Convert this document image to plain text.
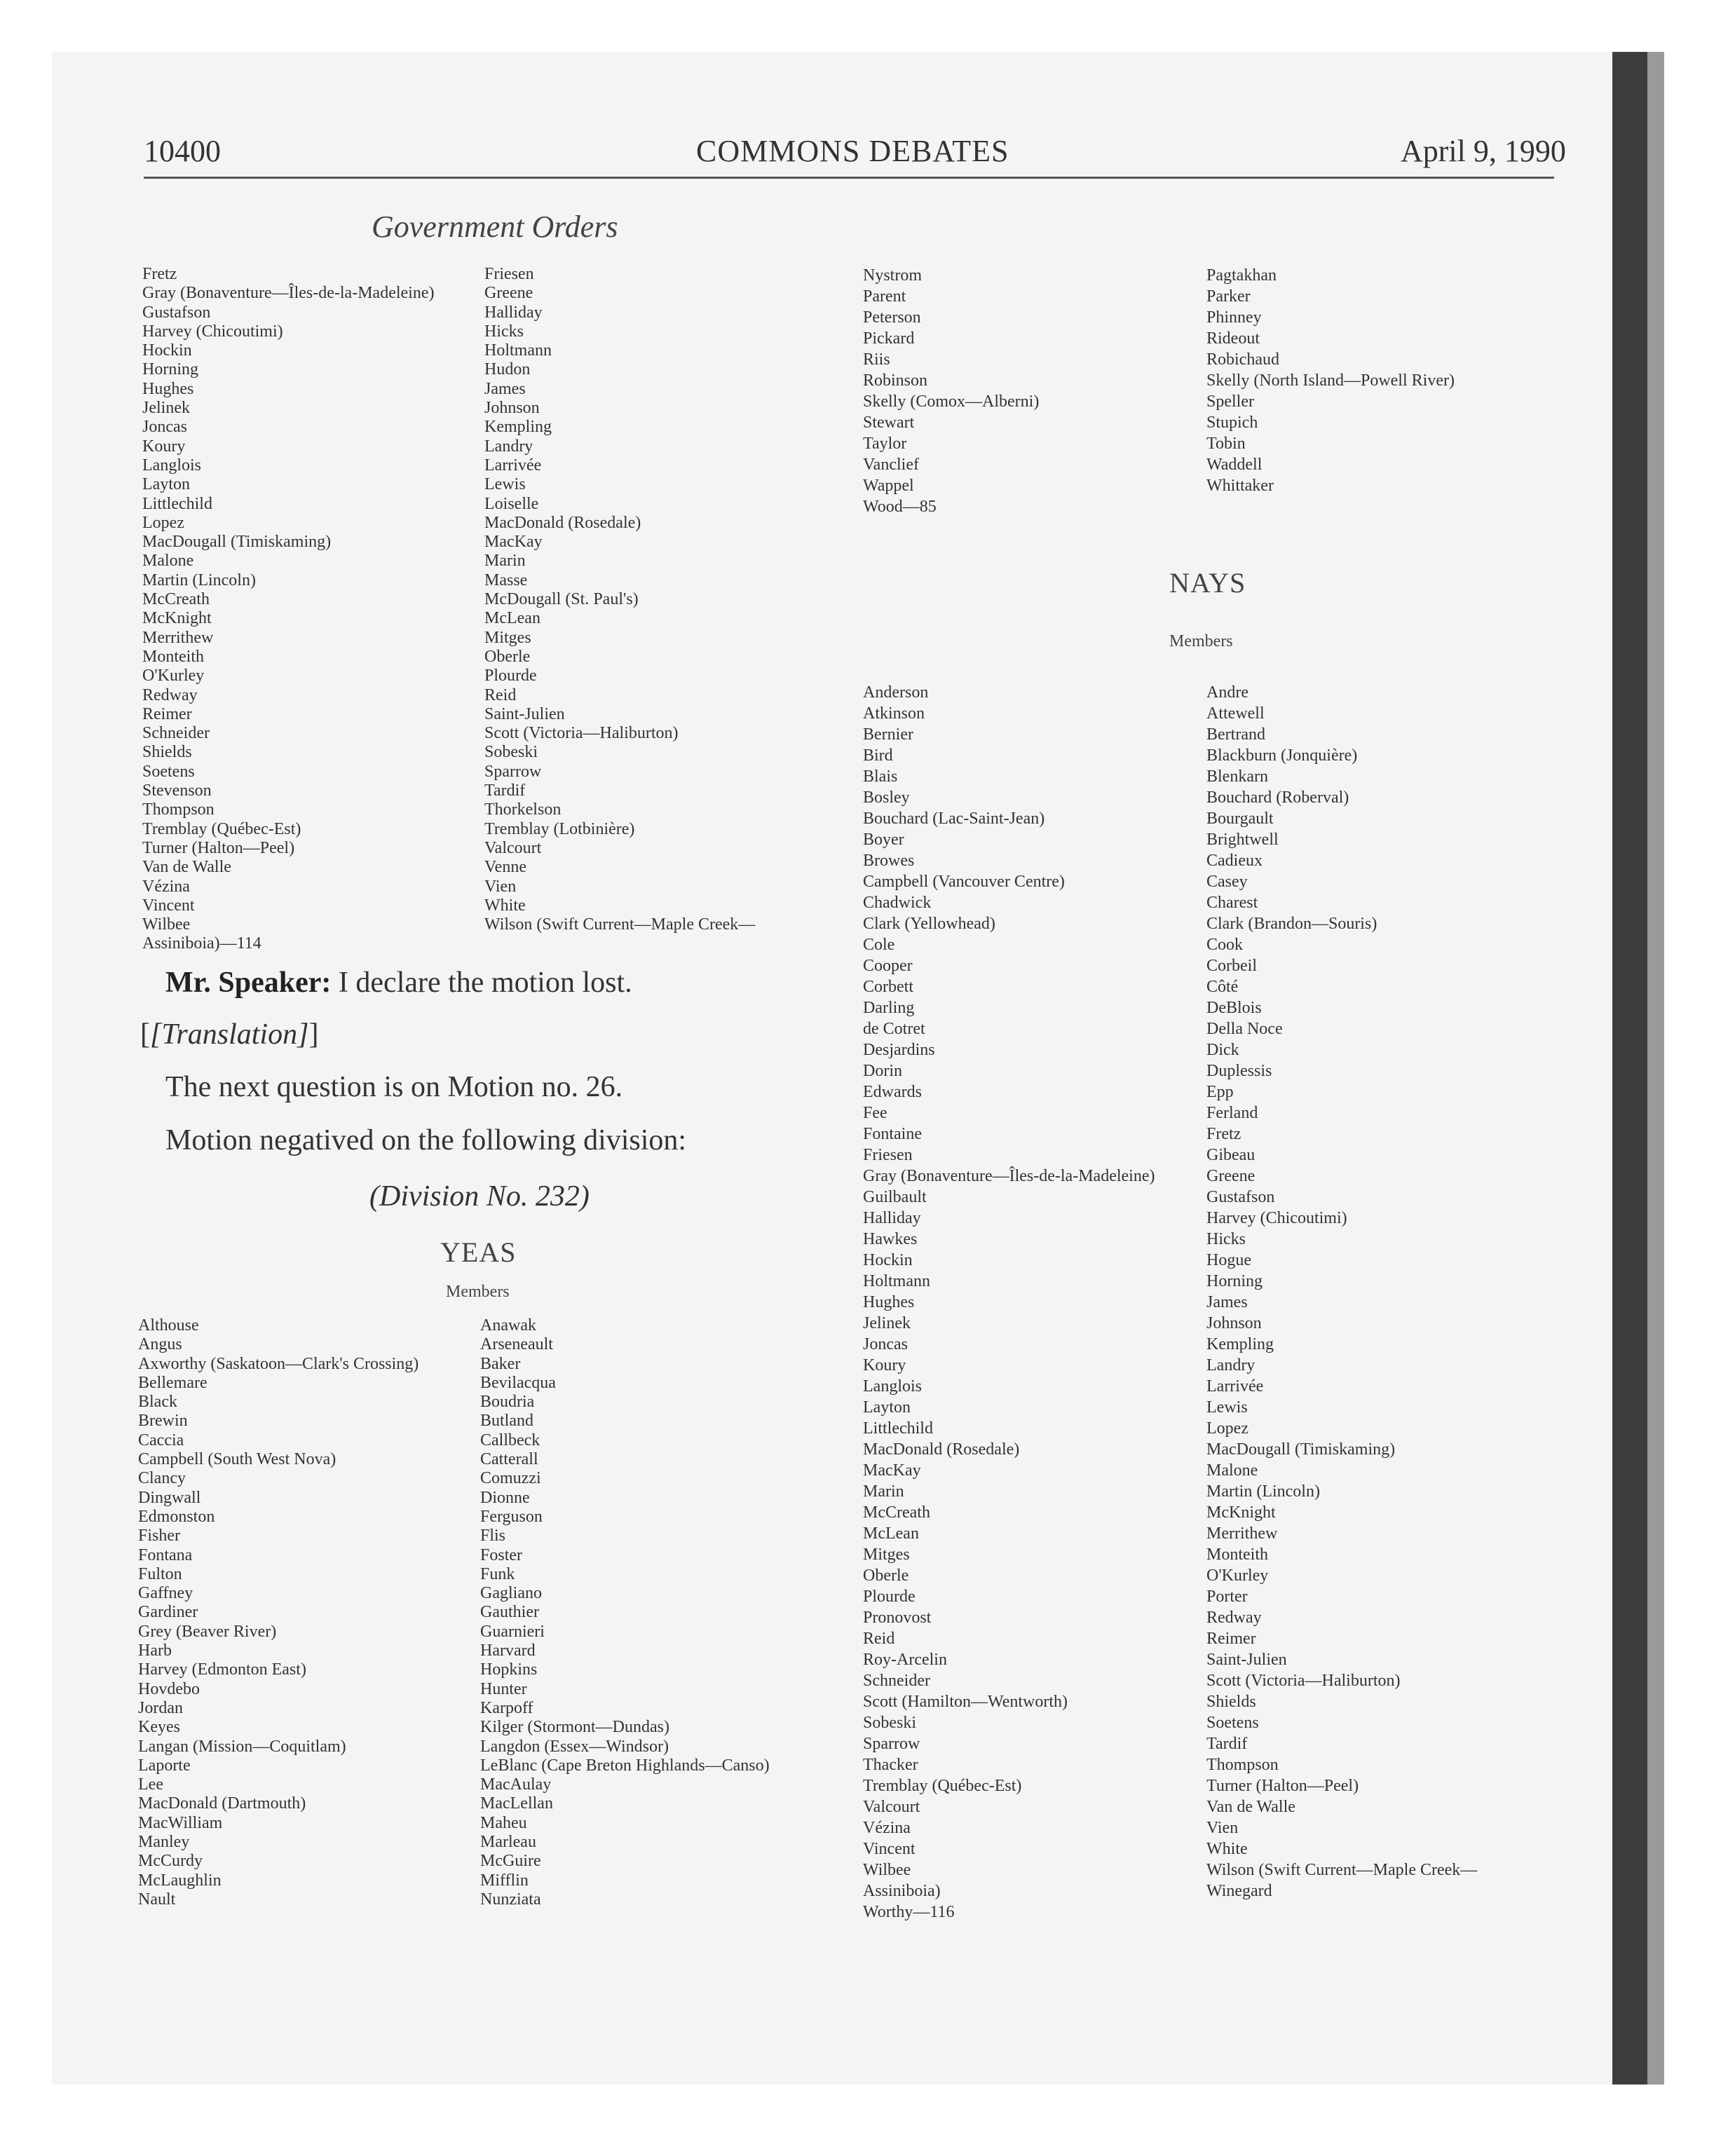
10400	COMMONS DEBATES	April 9, 1990
Government Orders
Fretz
Gray (Bonaventure—Îles-de-la-Madeleine)
Gustafson
Harvey (Chicoutimi)
Hockin
Horning
Hughes
Jelinek
Joncas
Koury
Langlois
Layton
Littlechild
Lopez
MacDougall (Timiskaming)
Malone
Martin (Lincoln)
McCreath
McKnight
Merrithew
Monteith
O'Kurley
Redway
Reimer
Schneider
Shields
Soetens
Stevenson
Thompson
Tremblay (Québec-Est)
Turner (Halton—Peel)
Van de Walle
Vézina
Vincent
Wilbee
Assiniboia)—114
Friesen
Greene
Halliday
Hicks
Holtmann
Hudon
James
Johnson
Kempling
Landry
Larrivée
Lewis
Loiselle
MacDonald (Rosedale)
MacKay
Marin
Masse
McDougall (St. Paul's)
McLean
Mitges
Oberle
Plourde
Reid
Saint-Julien
Scott (Victoria—Haliburton)
Sobeski
Sparrow
Tardif
Thorkelson
Tremblay (Lotbinière)
Valcourt
Venne
Vien
White
Wilson (Swift Current—Maple Creek—
Nystrom
Parent
Peterson
Pickard
Riis
Robinson
Skelly (Comox—Alberni)
Stewart
Taylor
Vanclief
Wappel
Wood—85
Pagtakhan
Parker
Phinney
Rideout
Robichaud
Skelly (North Island—Powell River)
Speller
Stupich
Tobin
Waddell
Whittaker
NAYS
Members
Anderson
Atkinson
Bernier
Bird
Blais
Bosley
Bouchard (Lac-Saint-Jean)
Boyer
Browes
Campbell (Vancouver Centre)
Chadwick
Clark (Yellowhead)
Cole
Cooper
Corbett
Darling
de Cotret
Desjardins
Dorin
Edwards
Fee
Fontaine
Friesen
Gray (Bonaventure—Îles-de-la-Madeleine)
Guilbault
Halliday
Hawkes
Hockin
Holtmann
Hughes
Jelinek
Joncas
Koury
Langlois
Layton
Littlechild
MacDonald (Rosedale)
MacKay
Marin
McCreath
McLean
Mitges
Oberle
Plourde
Pronovost
Reid
Roy-Arcelin
Schneider
Scott (Hamilton—Wentworth)
Sobeski
Sparrow
Thacker
Tremblay (Québec-Est)
Valcourt
Vézina
Vincent
Wilbee
Assiniboia)
Worthy—116
Andre
Attewell
Bertrand
Blackburn (Jonquière)
Blenkarn
Bouchard (Roberval)
Bourgault
Brightwell
Cadieux
Casey
Charest
Clark (Brandon—Souris)
Cook
Corbeil
Côté
DeBlois
Della Noce
Dick
Duplessis
Epp
Ferland
Fretz
Gibeau
Greene
Gustafson
Harvey (Chicoutimi)
Hicks
Hogue
Horning
James
Johnson
Kempling
Landry
Larrivée
Lewis
Lopez
MacDougall (Timiskaming)
Malone
Martin (Lincoln)
McKnight
Merrithew
Monteith
O'Kurley
Porter
Redway
Reimer
Saint-Julien
Scott (Victoria—Haliburton)
Shields
Soetens
Tardif
Thompson
Turner (Halton—Peel)
Van de Walle
Vien
White
Wilson (Swift Current—Maple Creek—
Winegard

Mr. Speaker: I declare the motion lost.

[[Translation]]

The next question is on Motion no. 26.

Motion negatived on the following division:

(Division No. 232)

YEAS
Members
Althouse
Angus
Axworthy (Saskatoon—Clark's Crossing)
Bellemare
Black
Brewin
Caccia
Campbell (South West Nova)
Clancy
Dingwall
Edmonston
Fisher
Fontana
Fulton
Gaffney
Gardiner
Grey (Beaver River)
Harb
Harvey (Edmonton East)
Hovdebo
Jordan
Keyes
Langan (Mission—Coquitlam)
Laporte
Lee
MacDonald (Dartmouth)
MacWilliam
Manley
McCurdy
McLaughlin
Nault
Anawak
Arseneault
Baker
Bevilacqua
Boudria
Butland
Callbeck
Catterall
Comuzzi
Dionne
Ferguson
Flis
Foster
Funk
Gagliano
Gauthier
Guarnieri
Harvard
Hopkins
Hunter
Karpoff
Kilger (Stormont—Dundas)
Langdon (Essex—Windsor)
LeBlanc (Cape Breton Highlands—Canso)
MacAulay
MacLellan
Maheu
Marleau
McGuire
Mifflin
Nunziata
